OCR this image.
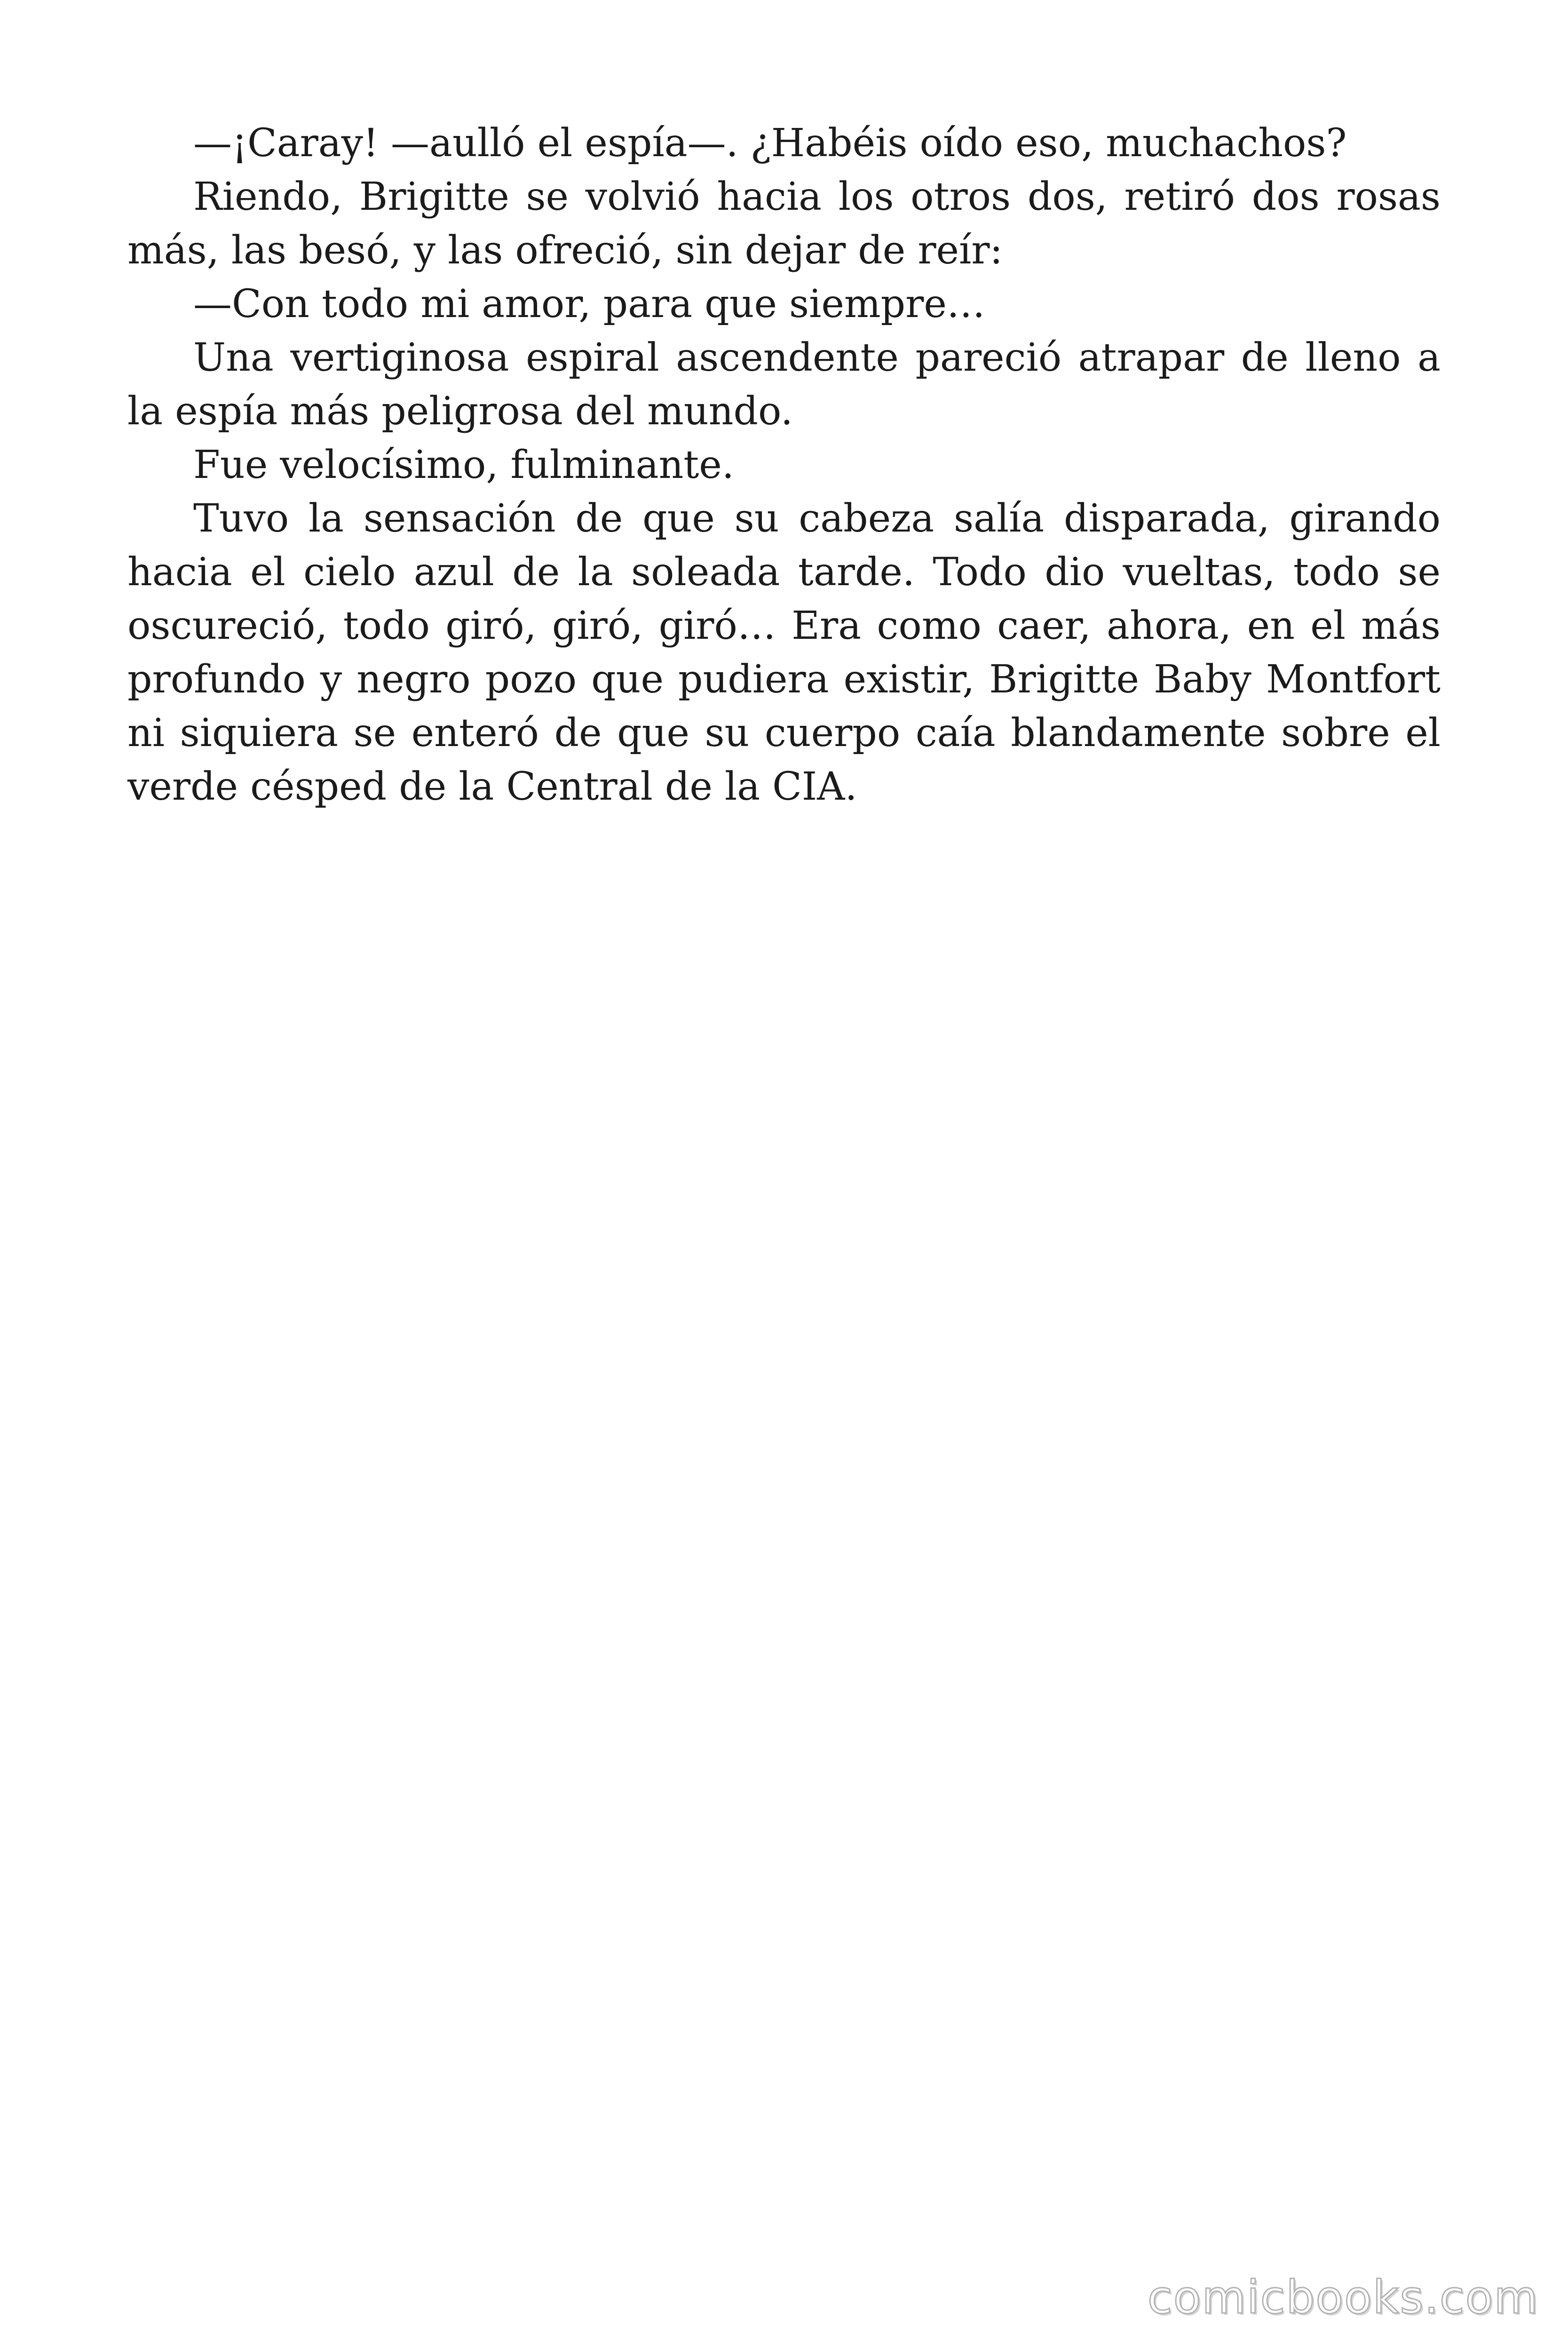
—¡Caray! —aulló el espía—. ¿Habéis oído eso, muchachos?

Riendo, Brigitte se volvió hacia los otros dos, retiró dos rosas más, las besó, y las ofreció, sin dejar de reír:

—Con todo mi amor, para que siempre…

Una vertiginosa espiral ascendente pareció atrapar de lleno a la espía más peligrosa del mundo.

Fue velocísimo, fulminante.

Tuvo la sensación de que su cabeza salía disparada, girando hacia el cielo azul de la soleada tarde. Todo dio vueltas, todo se oscureció, todo giró, giró, giró… Era como caer, ahora, en el más profundo y negro pozo que pudiera existir, Brigitte Baby Montfort ni siquiera se enteró de que su cuerpo caía blandamente sobre el verde césped de la Central de la CIA.

comicbooks.com
